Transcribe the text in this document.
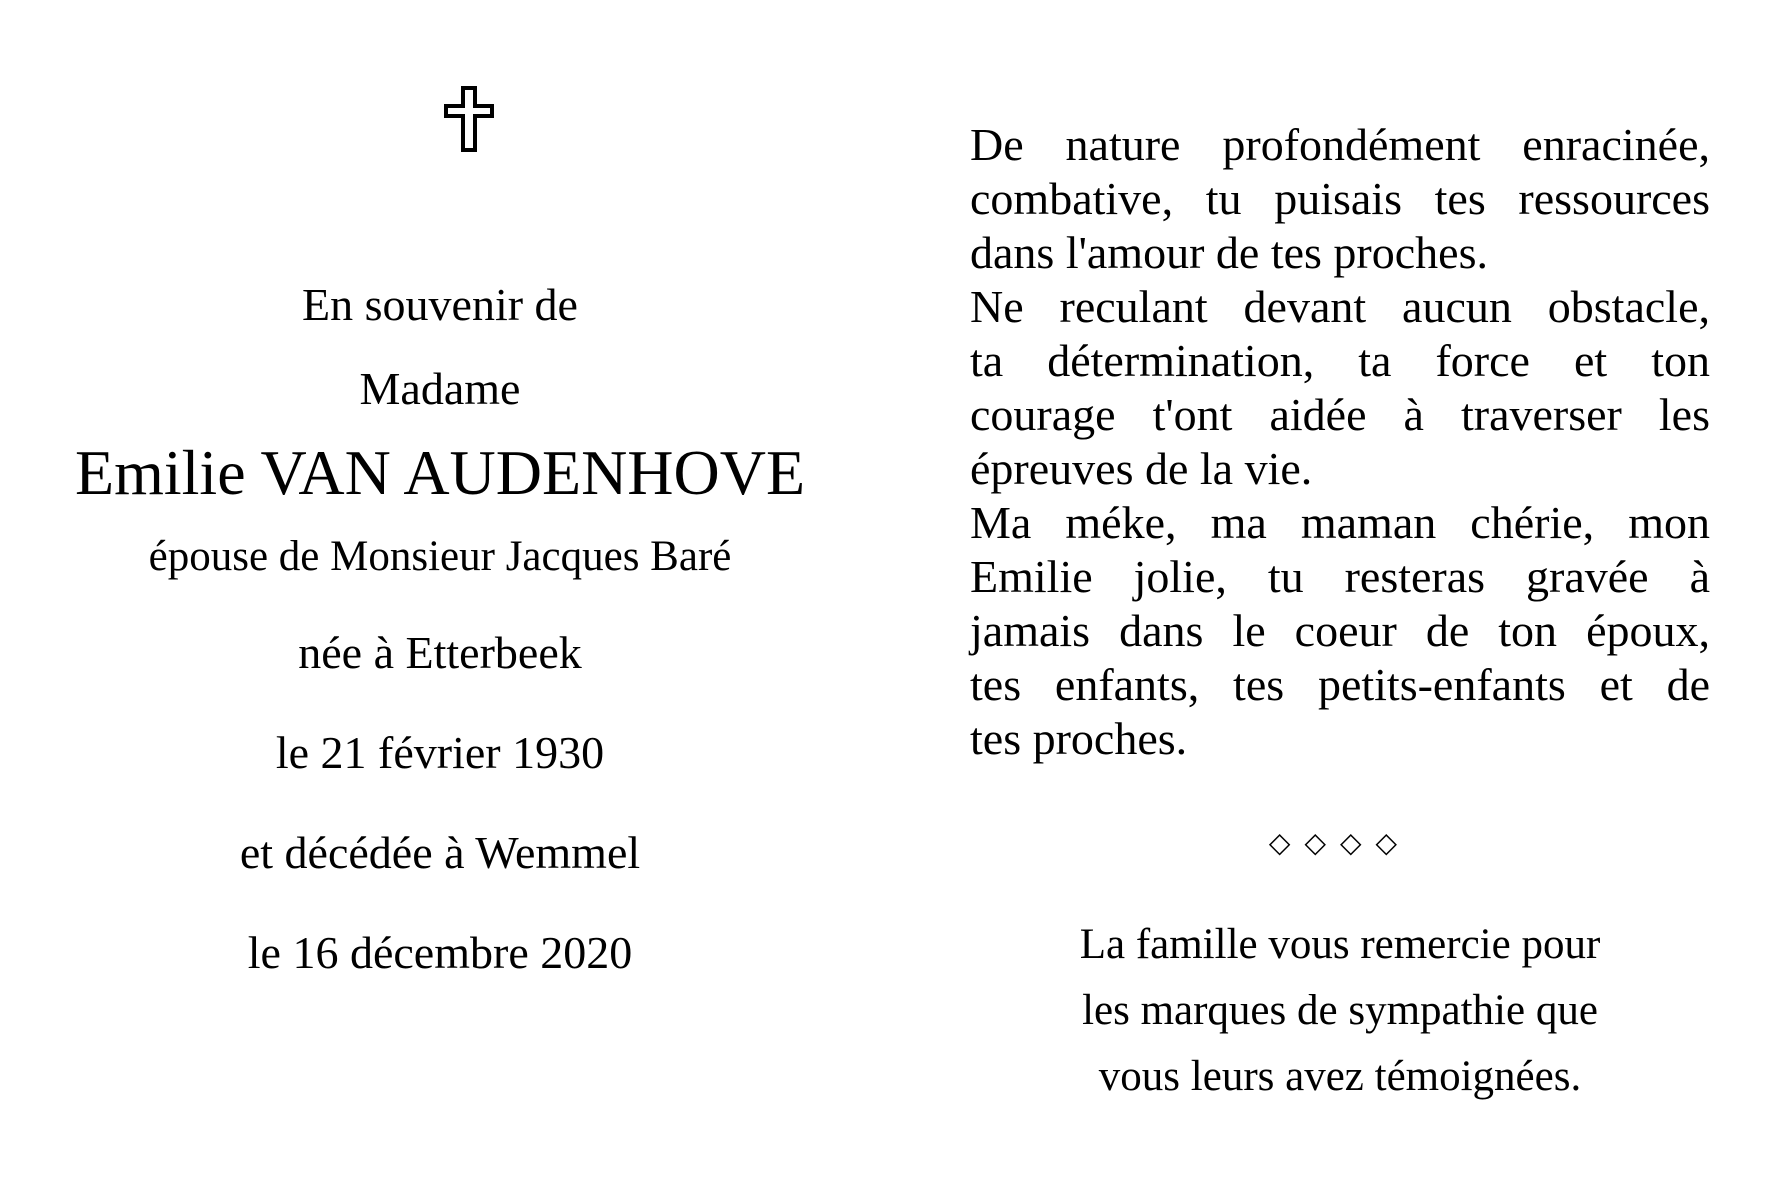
En souvenir de
Madame
Emilie VAN AUDENHOVE
épouse de Monsieur Jacques Baré
née à Etterbeek
le 21 février 1930
et décédée à Wemmel
le 16 décembre 2020
De nature profondément enracinée,
combative, tu puisais tes ressources
dans l'amour de tes proches.
Ne reculant devant aucun obstacle,
ta détermination, ta force et ton
courage t'ont aidée à traverser les
épreuves de la vie.
Ma méke, ma maman chérie, mon
Emilie jolie, tu resteras gravée à
jamais dans le coeur de ton époux,
tes enfants, tes petits-enfants et de
tes proches.
◇◇◇◇
La famille vous remercie pour
les marques de sympathie que
vous leurs avez témoignées.
